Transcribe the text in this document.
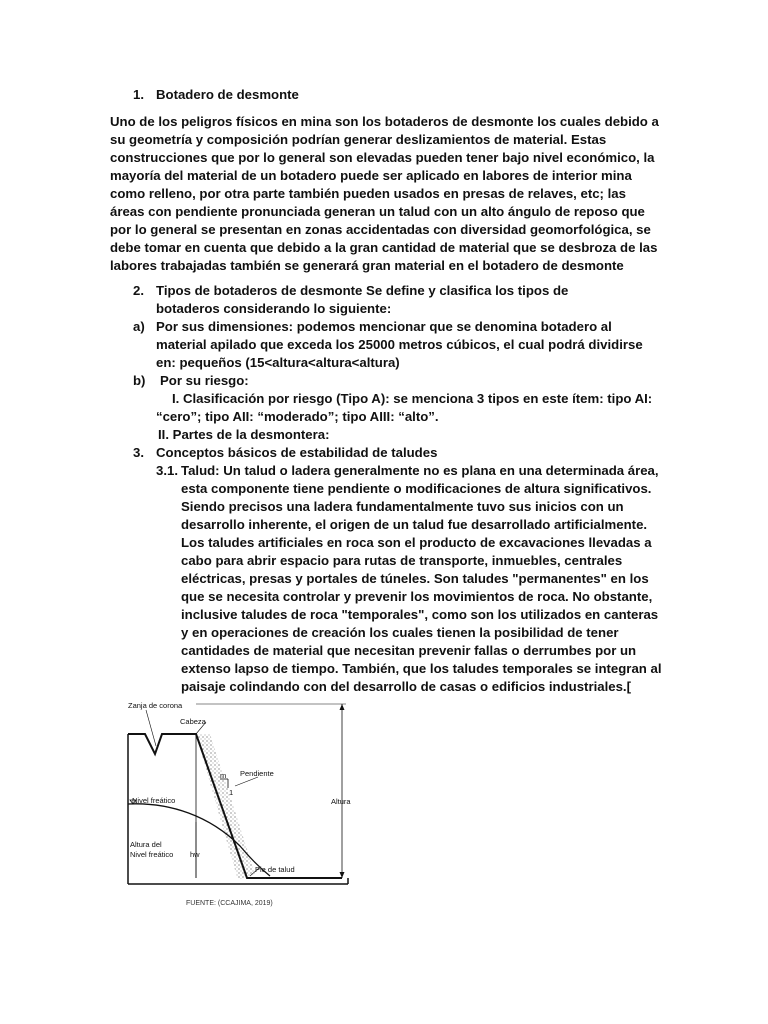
1. Botadero de desmonte

Uno de los peligros físicos en mina son los botaderos de desmonte los cuales debido a su geometría y composición podrían generar deslizamientos de material. Estas construcciones que por lo general son elevadas pueden tener bajo nivel económico, la mayoría del material de un botadero puede ser aplicado en labores de interior mina como relleno, por otra parte también pueden usados en presas de relaves, etc; las áreas con pendiente pronunciada generan un talud con un alto ángulo de reposo que por lo general se presentan en zonas accidentadas con diversidad geomorfológica, se debe tomar en cuenta que debido a la gran cantidad de material que se desbroza de las labores trabajadas también se generará gran material en el botadero de desmonte

2. Tipos de botaderos de desmonte Se define y clasifica los tipos de botaderos considerando lo siguiente:

a) Por sus dimensiones: podemos mencionar que se denomina botadero al material apilado que exceda los 25000 metros cúbicos, el cual podrá dividirse en: pequeños (15<altura<altura<altura)

b) Por su riesgo:

I. Clasificación por riesgo (Tipo A): se menciona 3 tipos en este ítem: tipo AI: “cero”; tipo AII: “moderado”; tipo AIII: “alto”.

II. Partes de la desmontera:
3. Conceptos básicos de estabilidad de taludes
3.1. Talud: Un talud o ladera generalmente no es plana en una determinada área, esta componente tiene pendiente o modificaciones de altura significativos. Siendo precisos una ladera fundamentalmente tuvo sus inicios con un desarrollo inherente, el origen de un talud fue desarrollado artificialmente. Los taludes artificiales en roca son el producto de excavaciones llevadas a cabo para abrir espacio para rutas de transporte, inmuebles, centrales eléctricas, presas y portales de túneles. Son taludes "permanentes" en los que se necesita controlar y prevenir los movimientos de roca. No obstante, inclusive taludes de roca "temporales", como son los utilizados en canteras y en operaciones de creación los cuales tienen la posibilidad de tener cantidades de material que necesitan prevenir fallas o derrumbes por un extenso lapso de tiempo. También, que los taludes temporales se integran al paisaje colindando con del desarrollo de casas o edificios industriales.[

Zanja de corona
Cabeza
m
1
Pendiente
Altura
Nivel freático
Altura del
Nivel freático hw
Pie de talud
FUENTE: (CCAJIMA, 2019)
